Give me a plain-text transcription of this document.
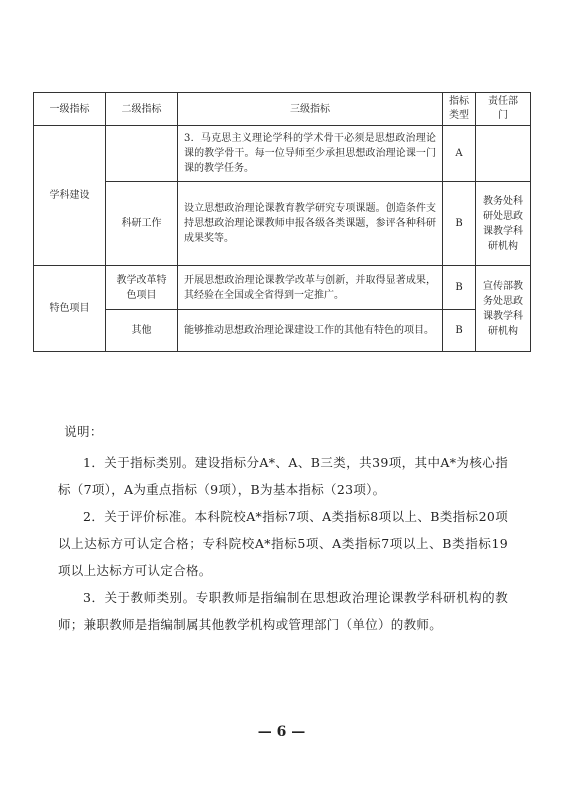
一级指标	二级指标	三级指标	指标类型	责任部门
学科建设		3．马克思主义理论学科的学术骨干必须是思想政治理论课的教学骨干。每一位导师至少承担思想政治理论课一门课的教学任务。	A	
	科研工作	设立思想政治理论课教育教学研究专项课题。创造条件支持思想政治理论课教师申报各级各类课题，参评各种科研成果奖等。	B	教务处科研处思政课教学科研机构
特色项目	教学改革特色项目	开展思想政治理论课教学改革与创新，并取得显著成果，其经验在全国或全省得到一定推广。	B	宣传部教务处思政课教学科研机构
	其他	能够推动思想政治理论课建设工作的其他有特色的项目。	B	

说明：

1．关于指标类别。建设指标分A*、A、B三类，共39项，其中A*为核心指标（7项），A为重点指标（9项），B为基本指标（23项）。

2．关于评价标准。本科院校A*指标7项、A类指标8项以上、B类指标20项以上达标方可认定合格；专科院校A*指标5项、A类指标7项以上、B类指标19项以上达标方可认定合格。

3．关于教师类别。专职教师是指编制在思想政治理论课教学科研机构的教师；兼职教师是指编制属其他教学机构或管理部门（单位）的教师。

— 6 —
